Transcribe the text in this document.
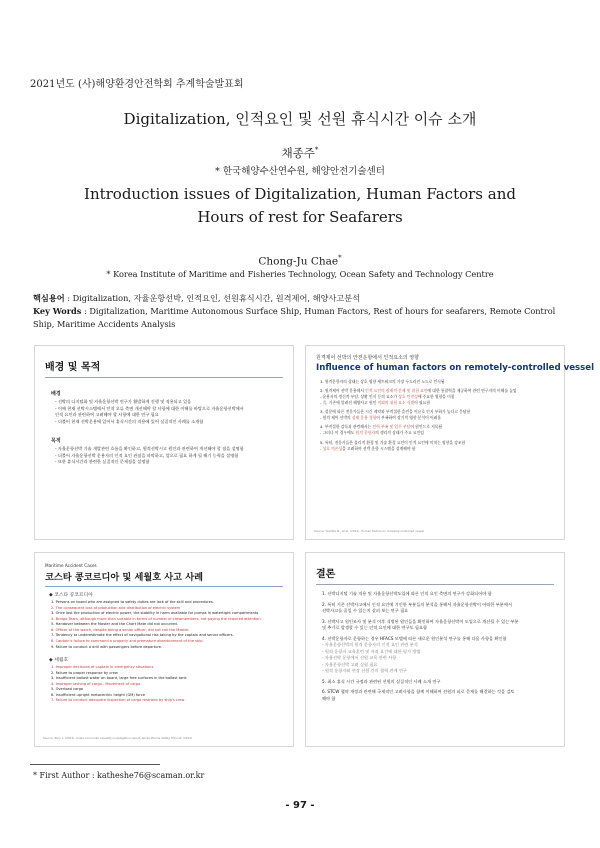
2021년도 (사)해양환경안전학회 추계학술발표회
Digitalization, 인적요인 및 선원 휴식시간 이슈 소개
채종주*
* 한국해양수산연수원, 해양안전기술센터
Introduction issues of Digitalization, Human Factors and Hours of rest for Seafarers
Chong-Ju Chae*
* Korea Institute of Maritime and Fisheries Technology, Ocean Safety and Technology Centre
핵심용어 : Digitalization, 자율운항선박, 인적요인, 선원휴식시간, 원격제어, 해양사고분석
Key Words : Digitalization, Maritime Autonomous Surface Ship, Human Factors, Rest of hours for seafarers, Remote Control Ship, Maritime Accidents Analysis
배경 및 목적
배경
- 선박의 디지털화 및 자율운항선박 연구가 활발하게 진행 및 적용되고 있음
- 이에 현재 선박시스템에서 인적 오류 측면 개선해야 할 사항에 대한 이해를 바탕으로 자율운항선박에서
인적 요인과 관련하여 고려해야 할 사항에 대한 연구 필요
- 더불어 현재 선박운용에 있어서 휴식시간의 적용에 있어 실질적인 사례를 소개함
목적
- 자율운항선박 기술 개발관련 흐름을 확인하고, 원격선박시고 원인과 관련하여 개선해야 할 점을 설명함
- 더불어 자율운항선박 운용자의 인적 요인 관점을 파악하고, 앞으로 필요 하게 될 해기 능력을 설명함
- 또한 휴식시간과 관련한 실질적인 문제점을 설명함
원격제어 선박의 안전운항에서 인적요소의 영향
Influence of human factors on remotely-controlled vessel
1. 원격운항자의 상태는 상호 영향 세트워크의 가장 두드러진 노드로 인식됨
2. 원격제어 선박 운용에서 인적 요인의 잠재적 문제 및 위험 요인에 대한 통찰력을 제공하여 관련 연구자의 이해를 높임
- 운용자의 정신적 부담, 상황 인식 등의 요소가 상호 안전성에 주요한 영향을 미침
- 즉, 기존에 알려진 해양사고 원인 이외의 위험 요소 식별이 필요함
3. 설문에 따른 전문가들은 시간 제약과 부적절한 훈련을 이유로 인지 부하가 높다고 응답함
- 원격 제어 선박의 실제 운용 경험이 부족하여 장기적 영향 분석이 어려움
4. 부적절한 감독과 관련해서는 인력 부족 및 업무 부담이 원인으로 지목됨
- 그러나 이 경우에도 원격 운항자의 생리적 상태가 주요 요인임
5. 특히, 전문가들은 물리적 환경 및 기술 환경 요인이 인적 요인에 미치는 영향을 강조함
- 상호 의존성을 고려하여 선박 운항 시스템을 설계해야 함
Source: Yoshida M., et al. (2021), Human factors on remotely-controlled vessel
Maritime Accident Cases
코스타 콩코르디아 및 세월호 사고 사례
◆ 코스타 콩코르디아
1. Persons on board who are assigned to safety duties are lack of the skill and procedures.
2. The consequent loss of production and distribution of electric system
3. Once lost the production of electric power, the stability in harm available for pumps in watertight compartments
4. Bridge Team, although more than suitable in terms of number of crewmembers, not paying the required attention.
5. Handover between the Master and the Chart Mate did not occurred.
6. Officer of the watch, despite being a senior officer, did not call the Master.
7. Tendency to underestimate the effect of navigational risk taking by the captain and senior officers.
8. Captain's failure to command a properly and premature abandonment of the ship.
9. Failure to conduct a drill with passengers before departure.
◆ 세월호
1. Improper decisions of captain in emergency situations
2. Failure to proper response by crew
3. Insufficient ballast water on board, large free surfaces in the ballast tank
4. Improper lashing of cargo - Movement of cargo
5. Overload cargo
6. Insufficient upright metacentric height (GM) force
7. Failure to conduct adequate inspection of cargo restraint by ship's crew
Source: Tony L. (2012), Costa Concordia casualty investigation report; Korea Marine Safety Tribunal (2014)
결론
1. 선박디지털 기술 적용 및 자율운항선박도입에 따른 인적 요인 측면의 연구가 강화되어야 함
2. 특히 기존 선박사고에서 인적 요인에 기인한 부분들의 분석을 통해서 자율운항선박이 어떠한 부분에서
선박사고를 줄일 수 있는지 살펴 보는 연구 필요
3. 선박사고 원인조사 및 분석 이후 식별된 원인들을 확인하여 자율운항선박이 도입으로 개선될 수 있는 부분
및 추가로 발생할 수 있는 인적 요인에 대한 연구도 필요함
4. 선박운항자로 운항하는 경우 HFACS 모델에 따른 새로운 원인분석 연구를 통해 다음 사항을 확인함
- 자율운항선박의 원격 운항자의 인적 요인 관련 분석
- 원격 운항자 교육훈련 및 자격 요건에 대한 평가 방법
- 자율선박 운항에서 선원 교육 관련 사항
- 자율운항선박 고려 실험 필요
- 원격 운항자와 현장 선원 간의 협력 관계 연구
5. 최소 휴식 시간 규정과 관련된 선원의 실질적인 사례 소개 연구
6. STCW 협약 개정과 관련해 국제적인 고려사항을 함께 이해하여 선원의 피로 문제를 해결하는 것을 검토
해야 함
* First Author : katheshe76@scaman.or.kr
- 97 -
